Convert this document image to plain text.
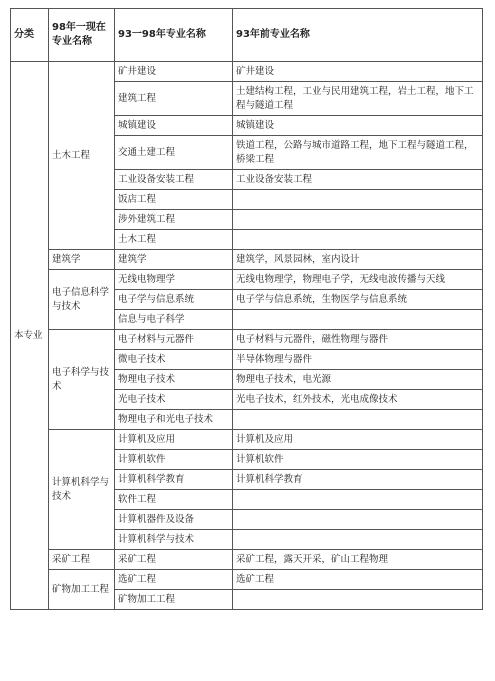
分类	98年一现在专业名称	93一98年专业名称	93年前专业名称
本专业	土木工程	矿井建设	矿井建设
		建筑工程	土建结构工程，工业与民用建筑工程，岩土工程，地下工程与隧道工程
		城镇建设	城镇建设
		交通土建工程	铁道工程，公路与城市道路工程，地下工程与隧道工程，桥梁工程
		工业设备安装工程	工业设备安装工程
		饭店工程	
		涉外建筑工程	
		土木工程	
	建筑学	建筑学	建筑学，风景园林，室内设计
	电子信息科学与技术	无线电物理学	无线电物理学，物理电子学，无线电波传播与天线
		电子学与信息系统	电子学与信息系统，生物医学与信息系统
		信息与电子科学	
	电子科学与技术	电子材料与元器件	电子材料与元器件，磁性物理与器件
		微电子技术	半导体物理与器件
		物理电子技术	物理电子技术，电光源
		光电子技术	光电子技术，红外技术，光电成像技术
		物理电子和光电子技术	
	计算机科学与技术	计算机及应用	计算机及应用
		计算机软件	计算机软件
		计算机科学教育	计算机科学教育
		软件工程	
		计算机器件及设备	
		计算机科学与技术	
	采矿工程	采矿工程	采矿工程，露天开采，矿山工程物理
	矿物加工工程	选矿工程	选矿工程
		矿物加工工程	
